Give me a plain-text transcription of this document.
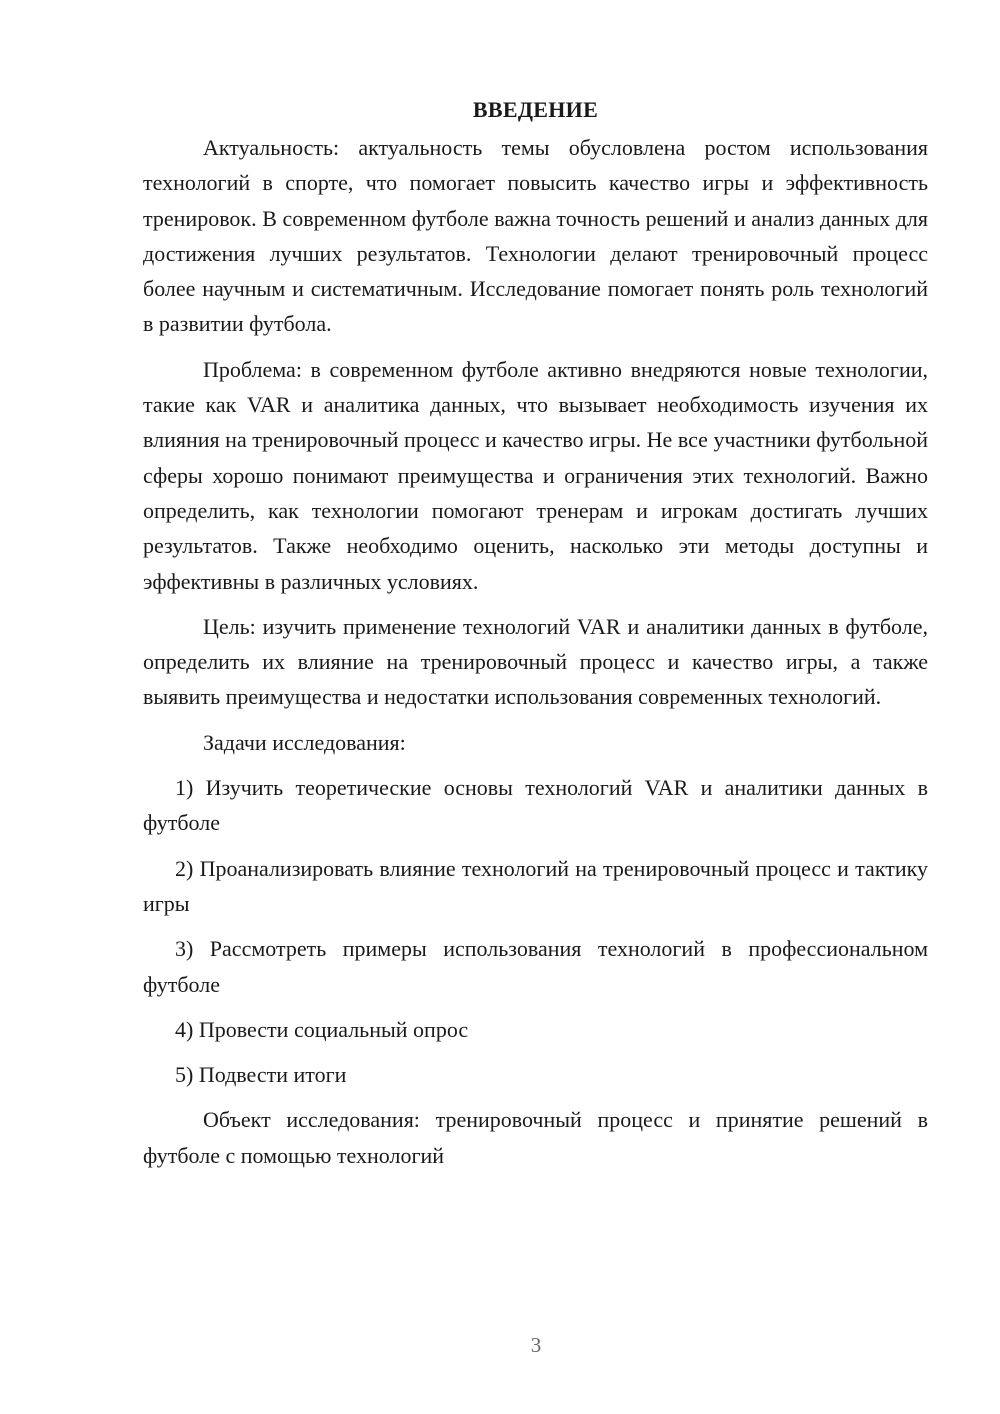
ВВЕДЕНИЕ

Актуальность: актуальность темы обусловлена ростом использования технологий в спорте, что помогает повысить качество игры и эффективность тренировок. В современном футболе важна точность решений и анализ данных для достижения лучших результатов. Технологии делают тренировочный процесс более научным и систематичным. Исследование помогает понять роль технологий в развитии футбола.

Проблема: в современном футболе активно внедряются новые технологии, такие как VAR и аналитика данных, что вызывает необходимость изучения их влияния на тренировочный процесс и качество игры. Не все участники футбольной сферы хорошо понимают преимущества и ограничения этих технологий. Важно определить, как технологии помогают тренерам и игрокам достигать лучших результатов. Также необходимо оценить, насколько эти методы доступны и эффективны в различных условиях.

Цель: изучить применение технологий VAR и аналитики данных в футболе, определить их влияние на тренировочный процесс и качество игры, а также выявить преимущества и недостатки использования современных технологий.

Задачи исследования:

1) Изучить теоретические основы технологий VAR и аналитики данных в футболе

2) Проанализировать влияние технологий на тренировочный процесс и тактику игры

3) Рассмотреть примеры использования технологий в профессиональном футболе

4) Провести социальный опрос

5) Подвести итоги

Объект исследования: тренировочный процесс и принятие решений в футболе с помощью технологий

3
